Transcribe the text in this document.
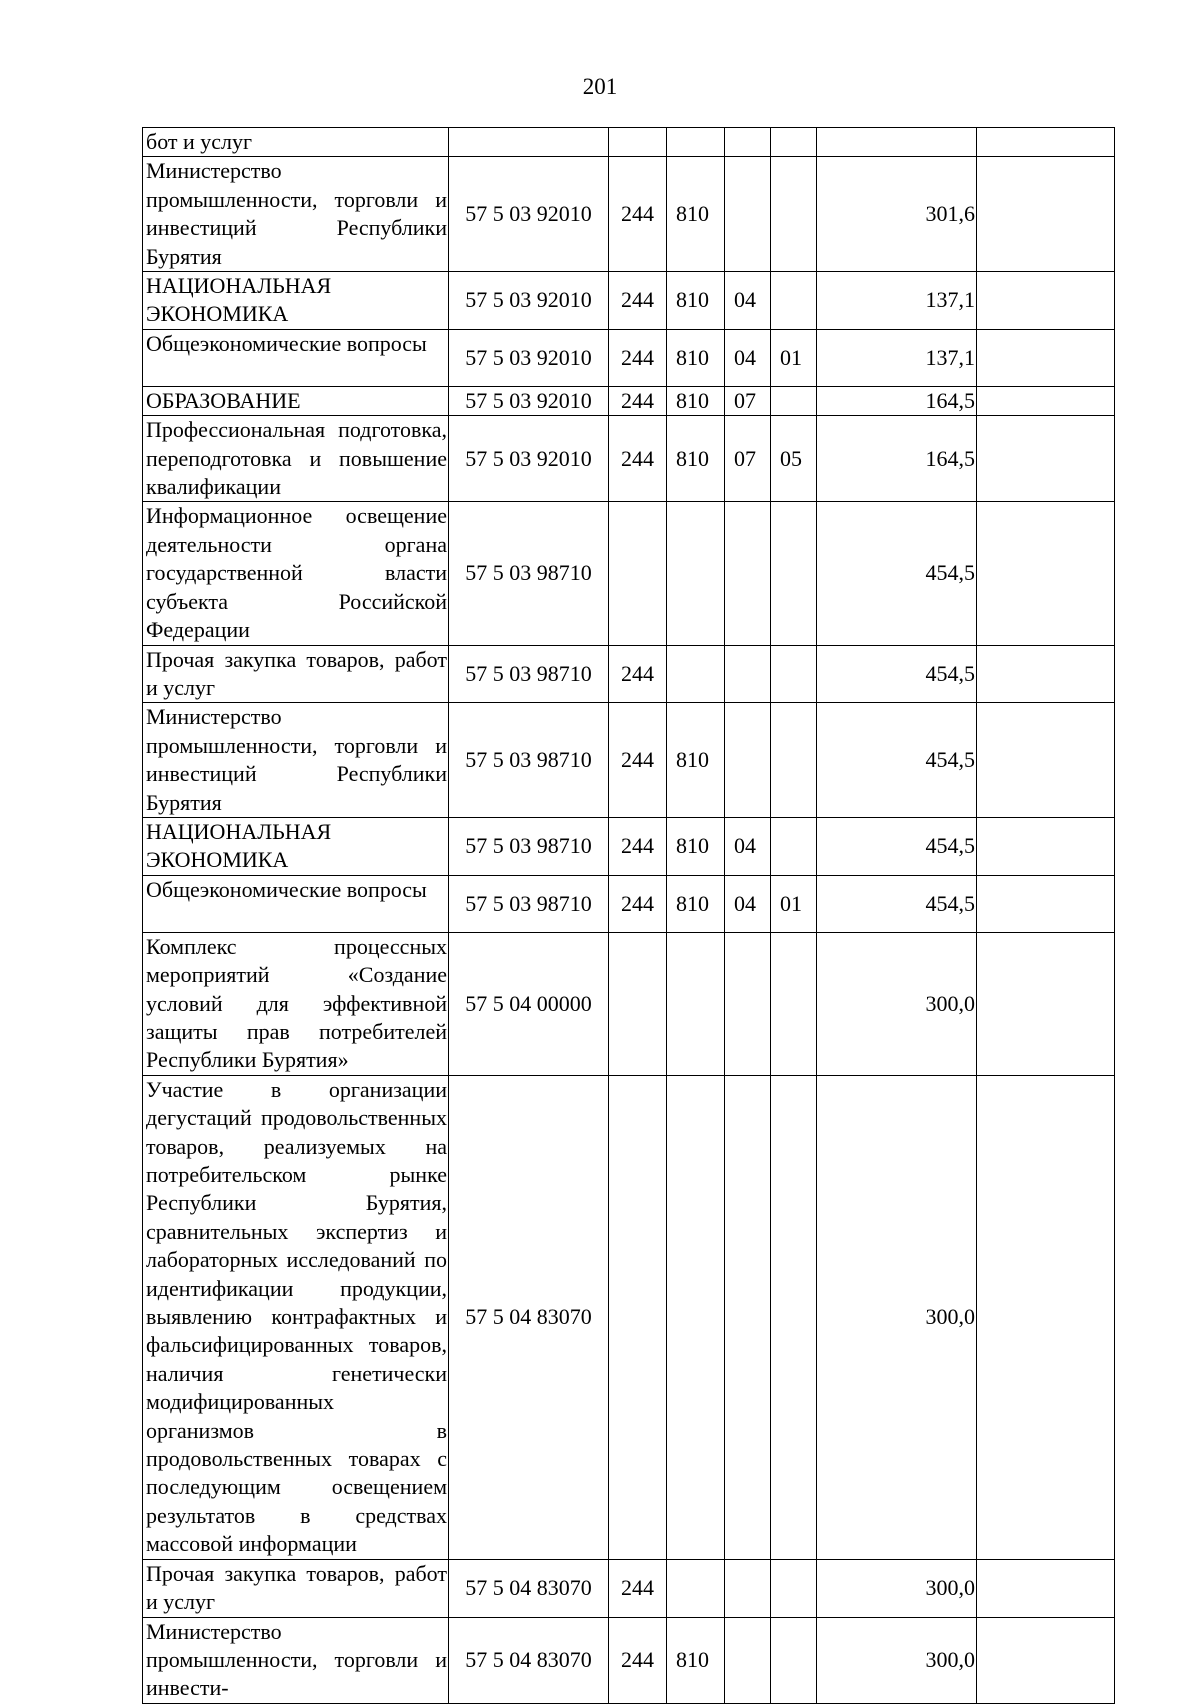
201
бот и услуг							
Министерство промышленности, торговли и инвестиций Республики Бурятия	57 5 03 92010	244	810			301,6	
НАЦИОНАЛЬНАЯ ЭКОНОМИКА	57 5 03 92010	244	810	04		137,1	
Общеэкономические вопросы	57 5 03 92010	244	810	04	01	137,1	
ОБРАЗОВАНИЕ	57 5 03 92010	244	810	07		164,5	
Профессиональная подготовка, переподготовка и повышение квалификации	57 5 03 92010	244	810	07	05	164,5	
Информационное освещение деятельности органа государственной власти субъекта Российской Федерации	57 5 03 98710					454,5	
Прочая закупка товаров, работ и услуг	57 5 03 98710	244				454,5	
Министерство промышленности, торговли и инвестиций Республики Бурятия	57 5 03 98710	244	810			454,5	
НАЦИОНАЛЬНАЯ ЭКОНОМИКА	57 5 03 98710	244	810	04		454,5	
Общеэкономические вопросы	57 5 03 98710	244	810	04	01	454,5	
Комплекс процессных мероприятий «Создание условий для эффективной защиты прав потребителей Республики Бурятия»	57 5 04 00000					300,0	
Участие в организации дегустаций продовольственных товаров, реализуемых на потребительском рынке Республики Бурятия, сравнительных экспертиз и лабораторных исследований по идентификации продукции, выявлению контрафактных и фальсифицированных товаров, наличия генетически модифицированных организмов в продовольственных товарах с последующим освещением результатов в средствах массовой информации	57 5 04 83070					300,0	
Прочая закупка товаров, работ и услуг	57 5 04 83070	244				300,0	
Министерство промышленности, торговли и инвести-	57 5 04 83070	244	810			300,0	
